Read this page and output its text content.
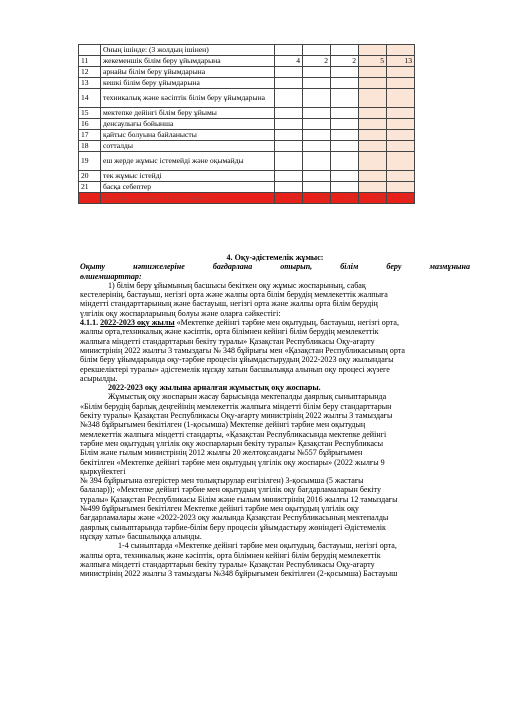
	Оның ішінде: (3 жолдың ішінен)					
11	жекеменшік білім беру ұйымдарына	4	2	2	5	13
12	арнайы білім беру ұйымдарына					
13	кешкі білім беру ұйымдарына					
14	техникалық және кәсіптік білім беру ұйымдарына					
15	мектепке дейінгі білім беру ұйымы					
16	денсаулығы бойынша					
17	қайтыс болуына байланысты					
18	сотталды					
19	еш жерде жұмыс істемейді және оқымайды					
20	тек жұмыс істейді					
21	басқа себептер					
22	Барлық оқушылар (1+2-9 жолдар)	599	588	588	594	594
4. Оқу-әдістемелік жұмыс:
Оқыту нәтижелеріне бағдарлана отырып, білім беру мазмұнына
өлшемшарттар:
1) білім беру ұйымының басшысы бекіткен оқу жұмыс жоспарының, сабақ
кестелерінің, бастауыш, негізгі орта және жалпы орта білім берудің мемлекеттік жалпыға
міндетті стандарттарының және бастауыш, негізгі орта және жалпы орта білім берудің
үлгілік оқу жоспарларының болуы және оларға сәйкестігі:
4.1.1. 2022-2023 оқу жылы «Мектепке дейінгі тәрбие мен оқытудың, бастауыш, негізгі орта,
жалпы орта,техникалық және кәсіптік, орта білімнен кейінгі білім берудің мемлекеттік
жалпыға міндетті стандарттарын бекіту туралы» Қазақстан Республикасы Оқу-ағарту
министрінің 2022 жылғы 3 тамыздағы № 348 бұйрығы мен «Қазақстан Республикасының орта
білім беру ұйымдарында оқу-тәрбие процесін ұйымдастырудың 2022-2023 оқу жылындағы
ерекшеліктері туралы» әдістемелік нұсқау хатын басшылыққа алынып оқу процесі жүзеге
асырылды.
2022-2023 оқу жылына арналған жұмыстық оқу жоспары.
Жұмыстық оқу жоспарын жасау барысында мектепалды даярлық сыныптарында
«Білім берудің барлық деңгейінің мемлекеттік жалпыға міндетті білім беру стандарттарын
бекіту туралы» Қазақстан Республикасы Оқу-ағарту министрінің 2022 жылғы 3 тамыздағы
№348 бұйрығымен бекітілген (1-қосымша) Мектепке дейінгі тәрбие мен оқытудың
мемлекеттік жалпыға міндетті стандарты, «Қазақстан Республикасында мектепке дейінгі
тәрбие мен оқытудың үлгілік оқу жоспарларын бекіту туралы» Қазақстан Республикасы
Білім және ғылым министрінің 2012 жылғы 20 желтоқсандағы №557 бұйрығымен
бекітілген «Мектепке дейінгі тәрбие мен оқытудың үлгілік оқу жоспары» (2022 жылғы 9
қыркүйектегі
№ 394 бұйрығына өзгерістер мен толықтырулар енгізілген) 3-қосымша (5 жастағы
балалар)); «Мектепке дейінгі тәрбие мен оқытудың үлгілік оқу бағдарламаларын бекіту
туралы» Қазақстан Республикасы Білім және ғылым министрінің 2016 жылғы 12 тамыздағы
№499 бұйрығымен бекітілген Мектепке дейінгі тәрбие мен оқытудың үлгілік оқу
бағдарламалары және «2022-2023 оқу жылында Қазақстан Республикасының мектепалды
даярлық сыныптарында тәрбие-білім беру процесін ұйымдастыру жөніндегі Әдістемелік
нұсқау хаты» басшылыққа алынды.
1-4 сыныптарда «Мектепке дейінгі тәрбие мен оқытудың, бастауыш, негізгі орта,
жалпы орта, техникалық және кәсіптік, орта білімнен кейінгі білім берудің мемлекеттік
жалпыға міндетті стандарттарын бекіту туралы» Қазақстан Республикасы Оқу-ағарту
министрінің 2022 жылғы 3 тамыздағы №348 бұйрығымен бекітілген (2-қосымша) Бастауыш
